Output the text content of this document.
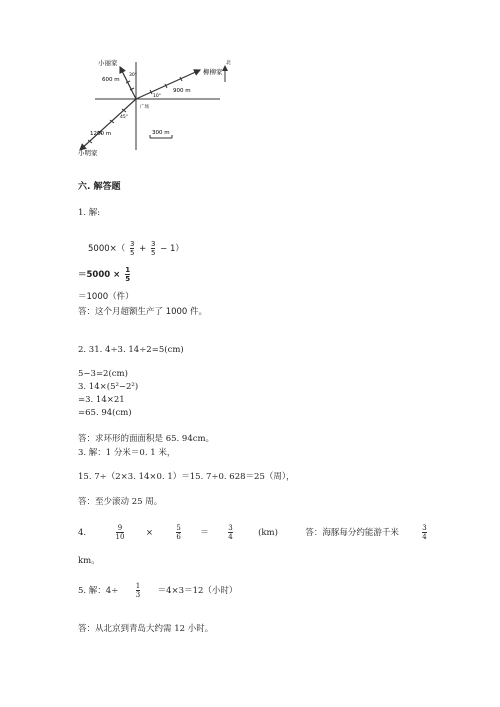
北
小丽家
柳柳家
小明家
广场
600 m
900 m
1200 m	300 m
30°
10°
45°
六. 解答题
1. 解:
$5000\times( \frac{3}{5} + \frac{3}{5} - 1)$
$=5000 \times \frac{1}{5}$
＝1000（件）
答：这个月超额生产了 1000 件。
2. 31. 4÷3. 14÷2=5(cm)
5−3=2(cm)
3. 14×(5²−2²)
=3. 14×21
=65. 94(cm)
答：求环形的面面积是 65. 94cm。
3. 解：1 分米＝0. 1 米，
15. 7÷（2×3. 14×0. 1）＝15. 7÷0. 628＝25（周），
答：至少滚动 25 周。
4.	$\frac{9}{10}$	×	$\frac{5}{6}$ ＝	$\frac{3}{4}$	(km)	答：海豚每分约能游千米	$\frac{3}{4}$
km。
5. 解：$4\div \frac{1}{3} =4\times 3=12$（小时）
答：从北京到青岛大约需 12 小时。
